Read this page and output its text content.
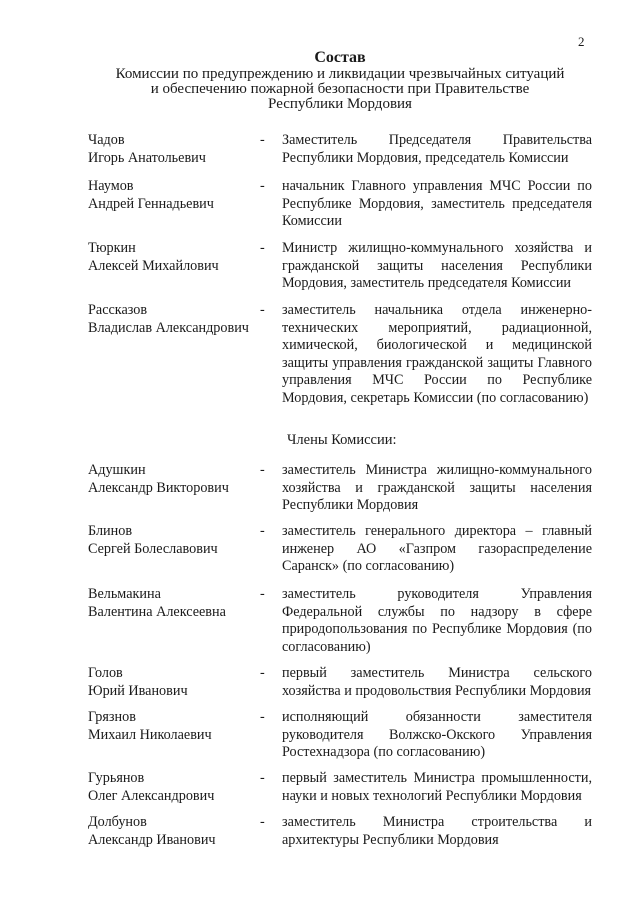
2
Состав
Комиссии по предупреждению и ликвидации чрезвычайных ситуаций
и обеспечению пожарной безопасности при Правительстве
Республики Мордовия
Чадов
Игорь Анатольевич
- Заместитель Председателя Правительства Республики Мордовия, председатель Комиссии
Наумов
Андрей Геннадьевич
- начальник Главного управления МЧС России по Республике Мордовия, заместитель председателя Комиссии
Тюркин
Алексей Михайлович
- Министр жилищно-коммунального хозяйства и гражданской защиты населения Республики Мордовия, заместитель председателя Комиссии
Рассказов
Владислав Александрович
- заместитель начальника отдела инженерно-технических мероприятий, радиационной, химической, биологической и медицинской защиты управления гражданской защиты Главного управления МЧС России по Республике Мордовия, секретарь Комиссии (по согласованию)
Члены Комиссии:
Адушкин
Александр Викторович
- заместитель Министра жилищно-коммунального хозяйства и гражданской защиты населения Республики Мордовия
Блинов
Сергей Болеславович
- заместитель генерального директора – главный инженер АО «Газпром газораспределение Саранск» (по согласованию)
Вельмакина
Валентина Алексеевна
- заместитель руководителя Управления Федеральной службы по надзору в сфере природопользования по Республике Мордовия (по согласованию)
Голов
Юрий Иванович
- первый заместитель Министра сельского хозяйства и продовольствия Республики Мордовия
Грязнов
Михаил Николаевич
- исполняющий обязанности заместителя руководителя Волжско-Окского Управления Ростехнадзора (по согласованию)
Гурьянов
Олег Александрович
- первый заместитель Министра промышленности, науки и новых технологий Республики Мордовия
Долбунов
Александр Иванович
- заместитель Министра строительства и архитектуры Республики Мордовия
